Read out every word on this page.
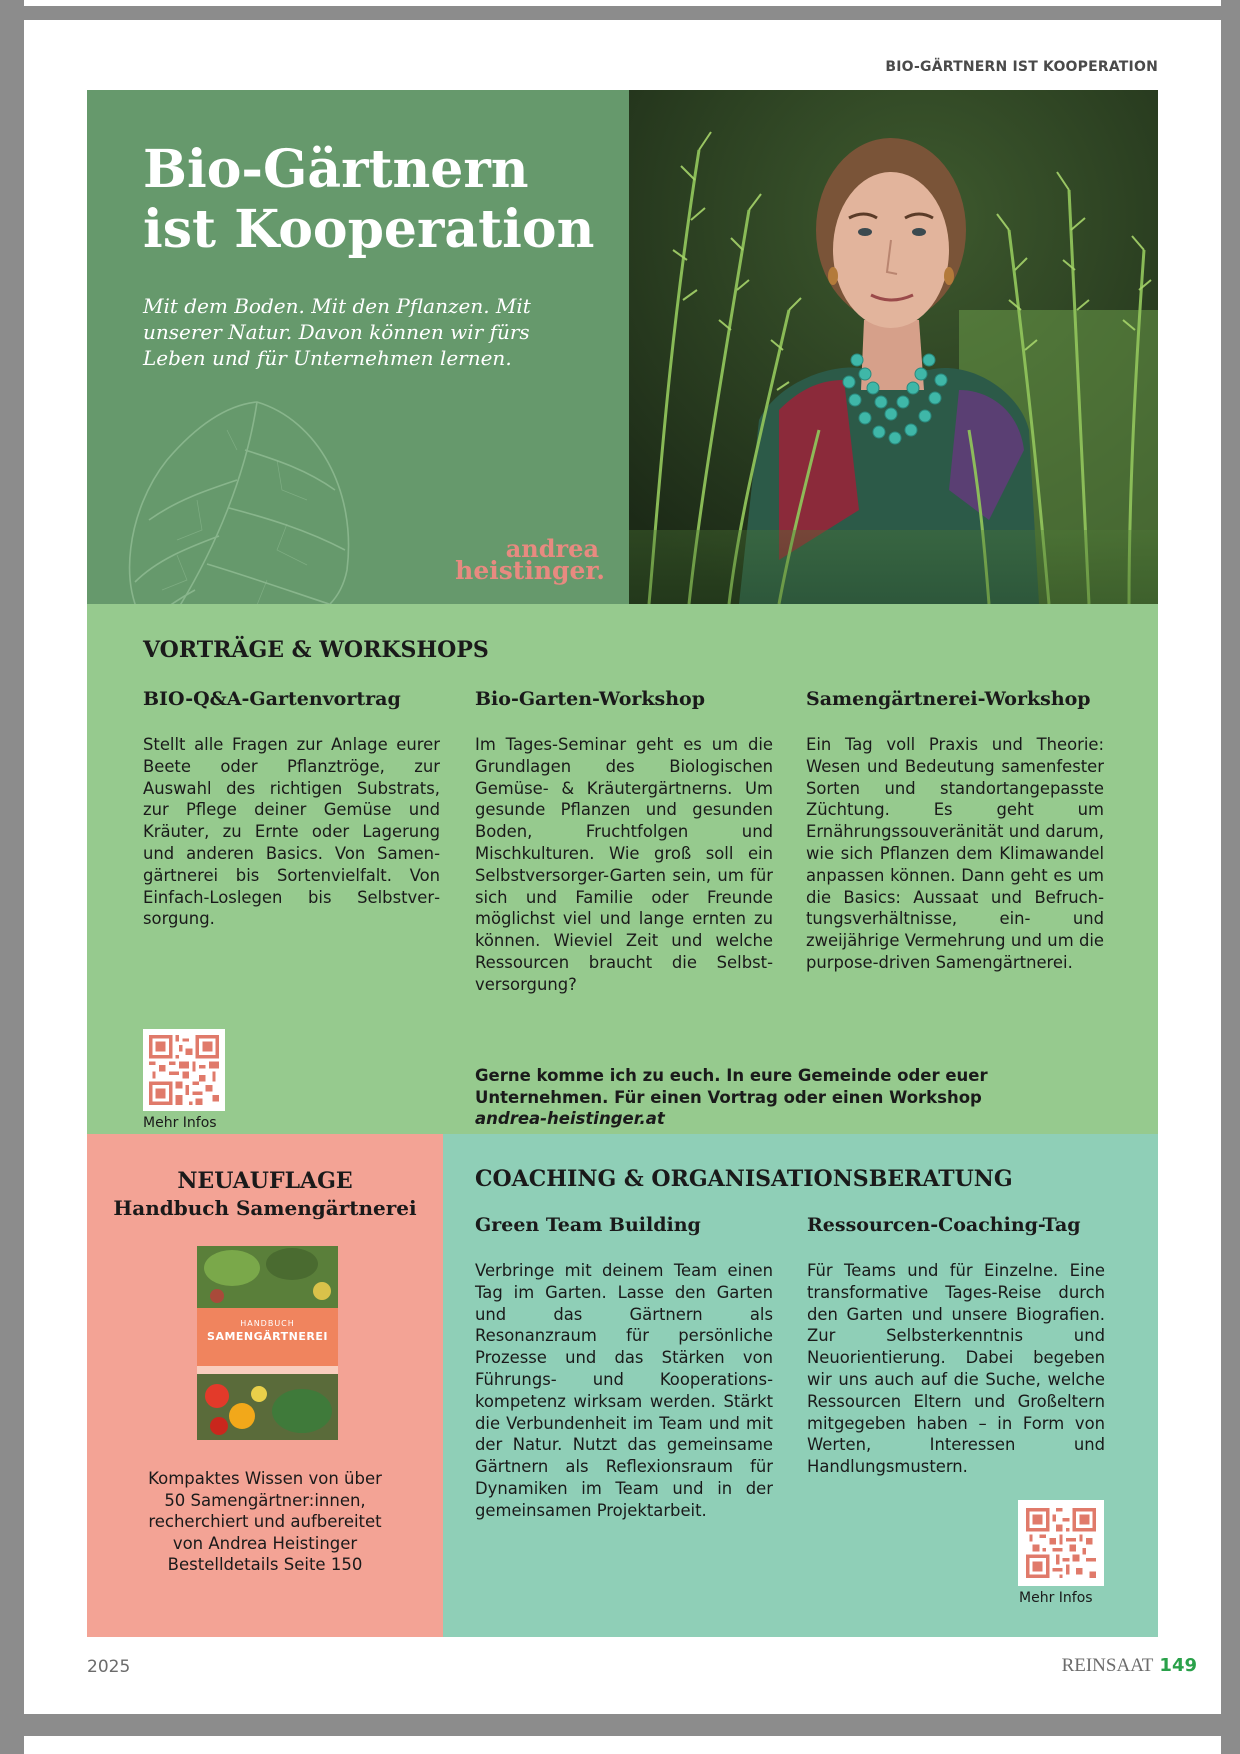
BIO-GÄRTNERN IST KOOPERATION
Bio-Gärtnern ist Kooperation

Mit dem Boden. Mit den Pflanzen. Mit unserer Natur. Davon können wir fürs Leben und für Unternehmen lernen.

andrea
heistinger.
VORTRÄGE & WORKSHOPS
BIO-Q&A-Gartenvortrag

Stellt alle Fragen zur Anlage eurer Beete oder Pflanztröge, zur Auswahl des richtigen Substrats, zur Pflege deiner Gemüse und Kräuter, zu Ernte oder Lagerung und anderen Basics. Von Samengärtnerei bis Sortenvielfalt. Von Einfach-Loslegen bis Selbstversorgung.

Bio-Garten-Workshop

Im Tages-Seminar geht es um die Grundlagen des Biologischen Gemüse- & Kräutergärtnerns. Um gesunde Pflanzen und gesunden Boden, Fruchtfolgen und Mischkulturen. Wie groß soll ein Selbstversorger-Garten sein, um für sich und Familie oder Freunde möglichst viel und lange ernten zu können. Wieviel Zeit und welche Ressourcen braucht die Selbstversorgung?

Samengärtnerei-Workshop

Ein Tag voll Praxis und Theorie: Wesen und Bedeutung samenfester Sorten und standortangepasste Züchtung. Es geht um Ernährungssouveränität und darum, wie sich Pflanzen dem Klimawandel anpassen können. Dann geht es um die Basics: Aussaat und Befruchtungsverhältnisse, ein- und zweijährige Vermehrung und um die purpose-driven Samengärtnerei.

Mehr Infos

Gerne komme ich zu euch. In eure Gemeinde oder euer Unternehmen. Für einen Vortrag oder einen Workshop
andrea-heistinger.at

NEUAUFLAGE
Handbuch Samengärtnerei
HANDBUCH
SAMENGÄRTNEREI

Kompaktes Wissen von über
50 Samengärtner:innen,
recherchiert und aufbereitet
von Andrea Heistinger
Bestelldetails Seite 150

COACHING & ORGANISATIONSBERATUNG
Green Team Building

Verbringe mit deinem Team einen Tag im Garten. Lasse den Garten und das Gärtnern als Resonanzraum für persönliche Prozesse und das Stärken von Führungs- und Kooperationskompetenz wirksam werden. Stärkt die Verbundenheit im Team und mit der Natur. Nutzt das gemeinsame Gärtnern als Reflexionsraum für Dynamiken im Team und in der gemeinsamen Projektarbeit.

Ressourcen-Coaching-Tag

Für Teams und für Einzelne. Eine transformative Tages-Reise durch den Garten und unsere Biografien. Zur Selbsterkenntnis und Neuorientierung. Dabei begeben wir uns auch auf die Suche, welche Ressourcen Eltern und Großeltern mitgegeben haben – in Form von Werten, Interessen und Handlungsmustern.

Mehr Infos
2025	REINSAAT 149
